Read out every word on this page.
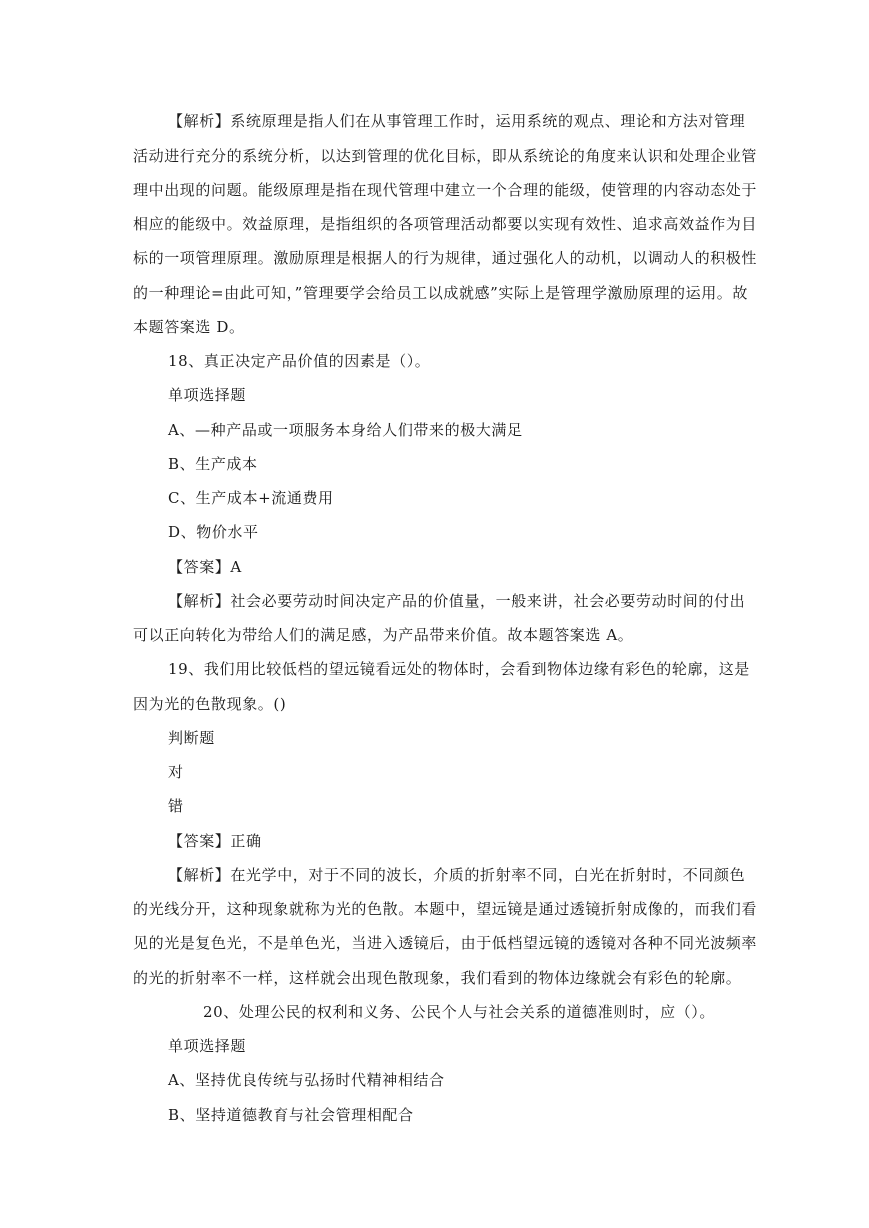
【解析】系统原理是指人们在从事管理工作时，运用系统的观点、理论和方法对管理
活动进行充分的系统分析，以达到管理的优化目标，即从系统论的角度来认识和处理企业管
理中出现的问题。能级原理是指在现代管理中建立一个合理的能级，使管理的内容动态处于
相应的能级中。效益原理，是指组织的各项管理活动都要以实现有效性、追求高效益作为目
标的一项管理原理。激励原理是根据人的行为规律，通过强化人的动机，以调动人的积极性
的一种理论=由此可知，”管理要学会给员工以成就感”实际上是管理学激励原理的运用。故
本题答案选 D。
18、真正决定产品价值的因素是（）。
单项选择题
A、—种产品或一项服务本身给人们带来的极大满足
B、生产成本
C、生产成本+流通费用
D、物价水平
【答案】A
【解析】社会必要劳动时间决定产品的价值量，一般来讲，社会必要劳动时间的付出
可以正向转化为带给人们的满足感，为产品带来价值。故本题答案选 A。
19、我们用比较低档的望远镜看远处的物体时，会看到物体边缘有彩色的轮廓，这是
因为光的色散现象。()
判断题
对
错
【答案】正确
【解析】在光学中，对于不同的波长，介质的折射率不同，白光在折射时，不同颜色
的光线分开，这种现象就称为光的色散。本题中，望远镜是通过透镜折射成像的，而我们看
见的光是复色光，不是单色光，当进入透镜后，由于低档望远镜的透镜对各种不同光波频率
的光的折射率不一样，这样就会出现色散现象，我们看到的物体边缘就会有彩色的轮廓。
20、处理公民的权利和义务、公民个人与社会关系的道德准则时，应（）。
单项选择题
A、坚持优良传统与弘扬时代精神相结合
B、坚持道德教育与社会管理相配合
